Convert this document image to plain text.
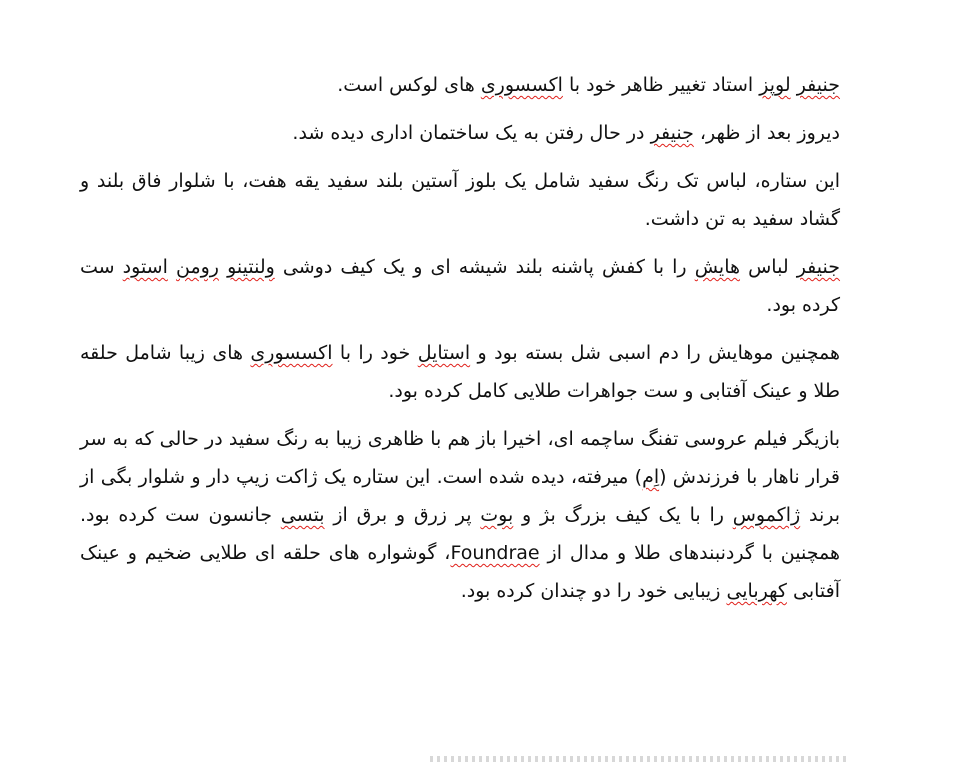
جنیفر لوپز استاد تغییر ظاهر خود با اکسسوری های لوکس است.

دیروز بعد از ظهر، جنیفر در حال رفتن به یک ساختمان اداری دیده شد.

این ستاره، لباس تک رنگ سفید شامل یک بلوز آستین بلند سفید یقه هفت، با شلوار فاق بلند و گشاد سفید به تن داشت.

جنیفر لباس هایش را با کفش پاشنه بلند شیشه ای و یک کیف دوشی ولنتینو رومن استود ست کرده بود.

همچنین موهایش را دم اسبی شل بسته بود و استایل خود را با اکسسوری های زیبا شامل حلقه طلا و عینک آفتابی و ست جواهرات طلایی کامل کرده بود.

بازیگر فیلم عروسی تفنگ ساچمه ای، اخیرا باز هم با ظاهری زیبا به رنگ سفید در حالی که به سر قرار ناهار با فرزندش (اِم) میرفته، دیده شده است. این ستاره یک ژاکت زیپ دار و شلوار بگی از برند ژاکموس را با یک کیف بزرگ بژ و بوت پر زرق و برق از بتسی جانسون ست کرده بود. همچنین با گردنبندهای طلا و مدال از Foundrae، گوشواره های حلقه ای طلایی ضخیم و عینک آفتابی کهربایی زیبایی خود را دو چندان کرده بود.
